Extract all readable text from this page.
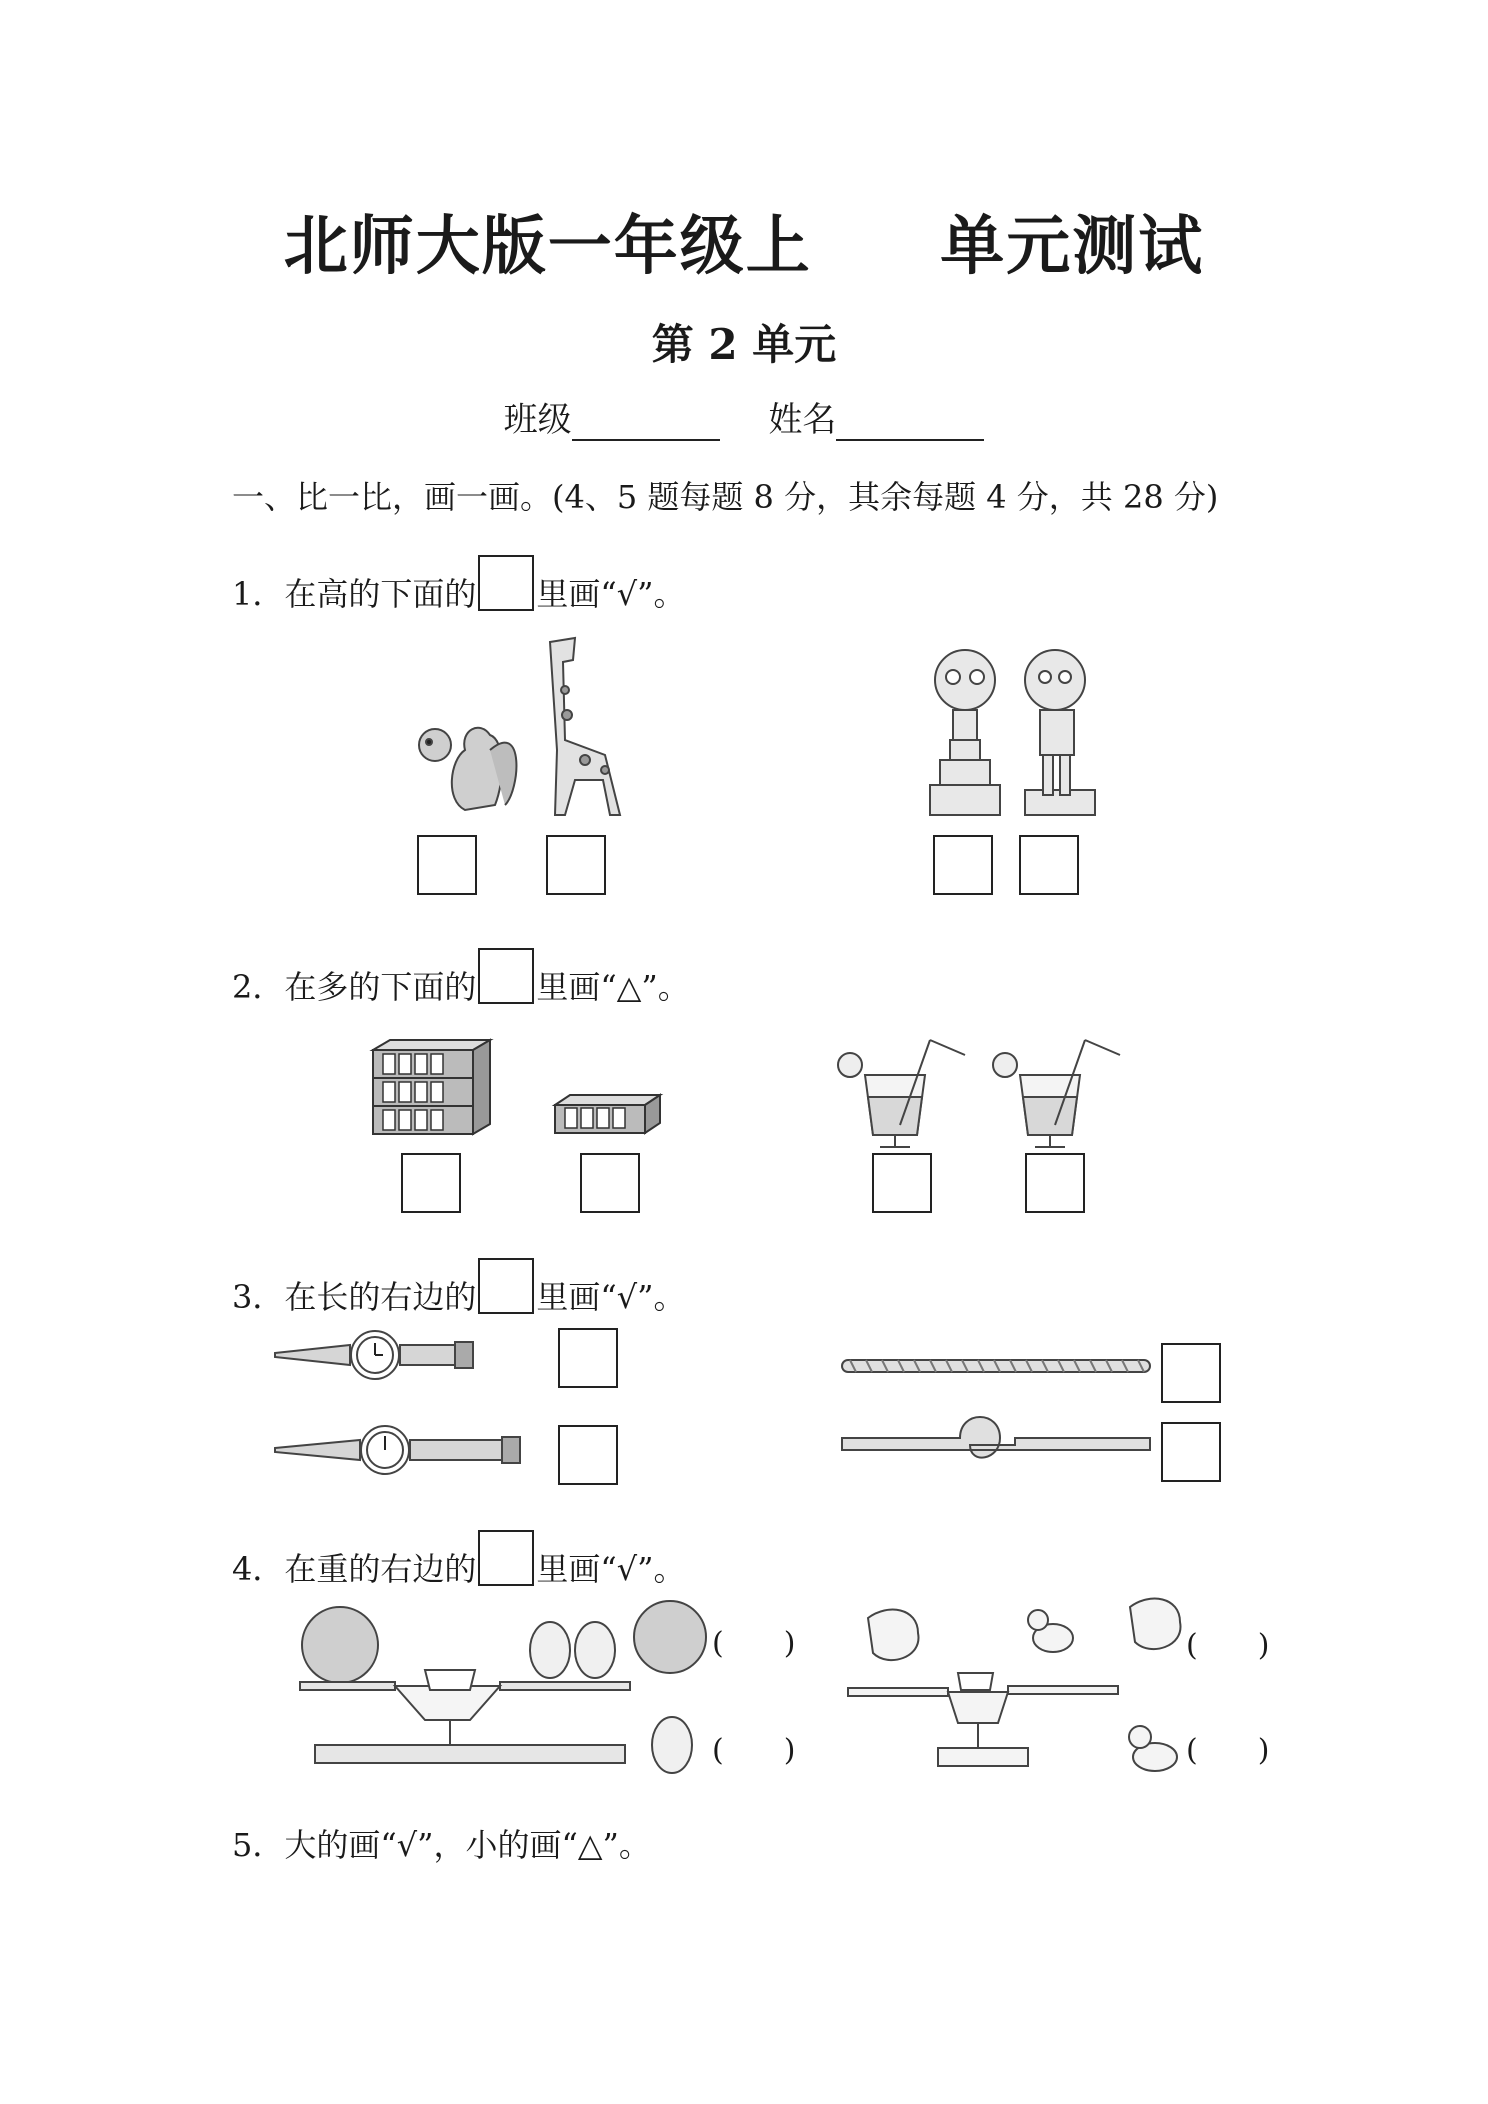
北师大版一年级上 单元测试
第 2 单元
班级	姓名
一、比一比，画一画。(4、5 题每题 8 分，其余每题 4 分，共 28 分)
1．在高的下面的 里画“√”。
2．在多的下面的 里画“△”。
3．在长的右边的 里画“√”。
4．在重的右边的 里画“√”。
(　　)
(　　)
(　　)
(　　)
5．大的画“√”，小的画“△”。
